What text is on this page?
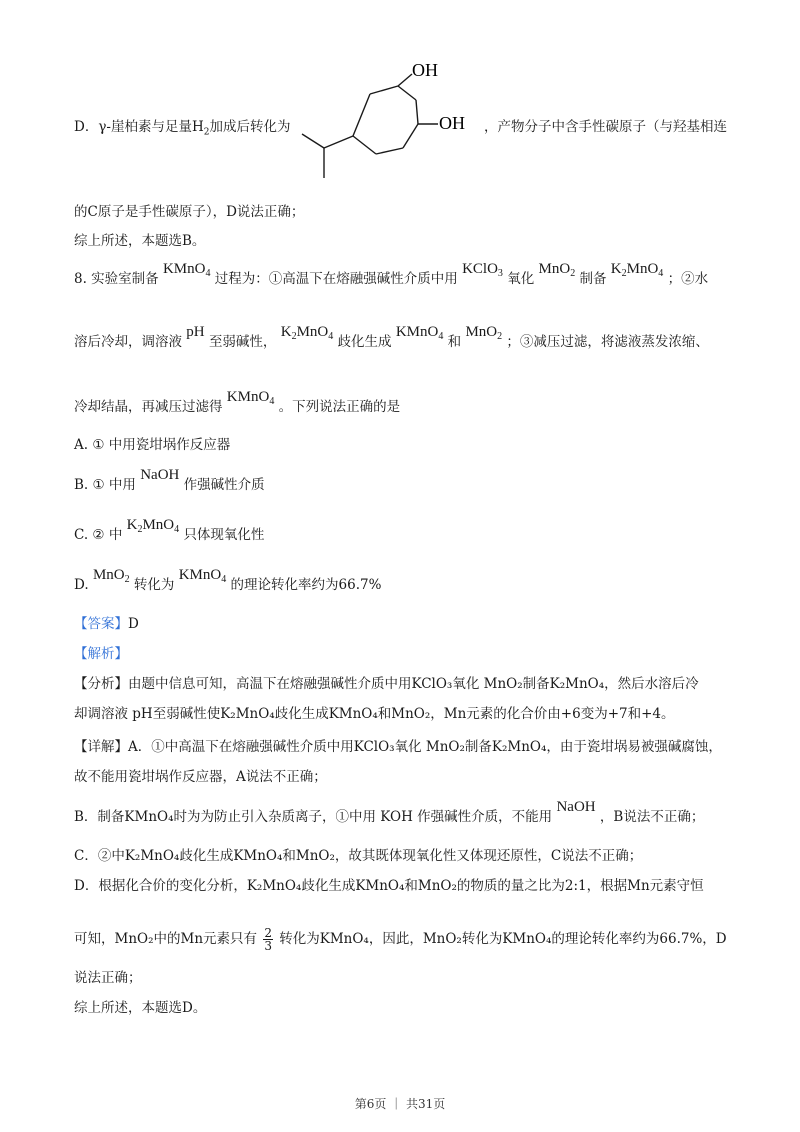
D．γ-崖柏素与足量$H_2$加成后转化为
OH
OH ，产物分子中含手性碳原子（与羟基相连
的C原子是手性碳原子），D说法正确；
综上所述，本题选B。
8. 实验室制备 KMnO$_4$ 过程为：①高温下在熔融强碱性介质中用 KClO$_3$ 氧化 MnO$_2$ 制备 $K_2MnO_4$ ；②水
溶后冷却，调溶液 pH 至弱碱性， $K_2MnO_4$ 歧化生成 KMnO$_4$ 和 MnO$_2$ ；③减压过滤，将滤液蒸发浓缩、
冷却结晶，再减压过滤得 KMnO$_4$ 。下列说法正确的是
A. ① 中用瓷坩埚作反应器
B. ① 中用 NaOH 作强碱性介质
C. ② 中 $K_2MnO_4$ 只体现氧化性
D. MnO$_2$ 转化为 KMnO$_4$ 的理论转化率约为66.7%
【答案】D
【解析】
【分析】由题中信息可知，高温下在熔融强碱性介质中用KClO₃氧化 MnO₂制备K₂MnO₄，然后水溶后冷
却调溶液 pH至弱碱性使K₂MnO₄歧化生成KMnO₄和MnO₂，Mn元素的化合价由+6变为+7和+4。
【详解】A．①中高温下在熔融强碱性介质中用KClO₃氧化 MnO₂制备K₂MnO₄，由于瓷坩埚易被强碱腐蚀，
故不能用瓷坩埚作反应器，A说法不正确；
B．制备KMnO₄时为为防止引入杂质离子，①中用 KOH 作强碱性介质，不能用 NaOH ，B说法不正确；
C．②中K₂MnO₄歧化生成KMnO₄和MnO₂，故其既体现氧化性又体现还原性，C说法不正确；
D．根据化合价的变化分析，K₂MnO₄歧化生成KMnO₄和MnO₂的物质的量之比为2:1，根据Mn元素守恒
可知，MnO₂中的Mn元素只有 $\frac{2}{3}$ 转化为KMnO₄，因此，MnO₂转化为KMnO₄的理论转化率约为66.7%，D
说法正确；
综上所述，本题选D。
第6页 ｜ 共31页
